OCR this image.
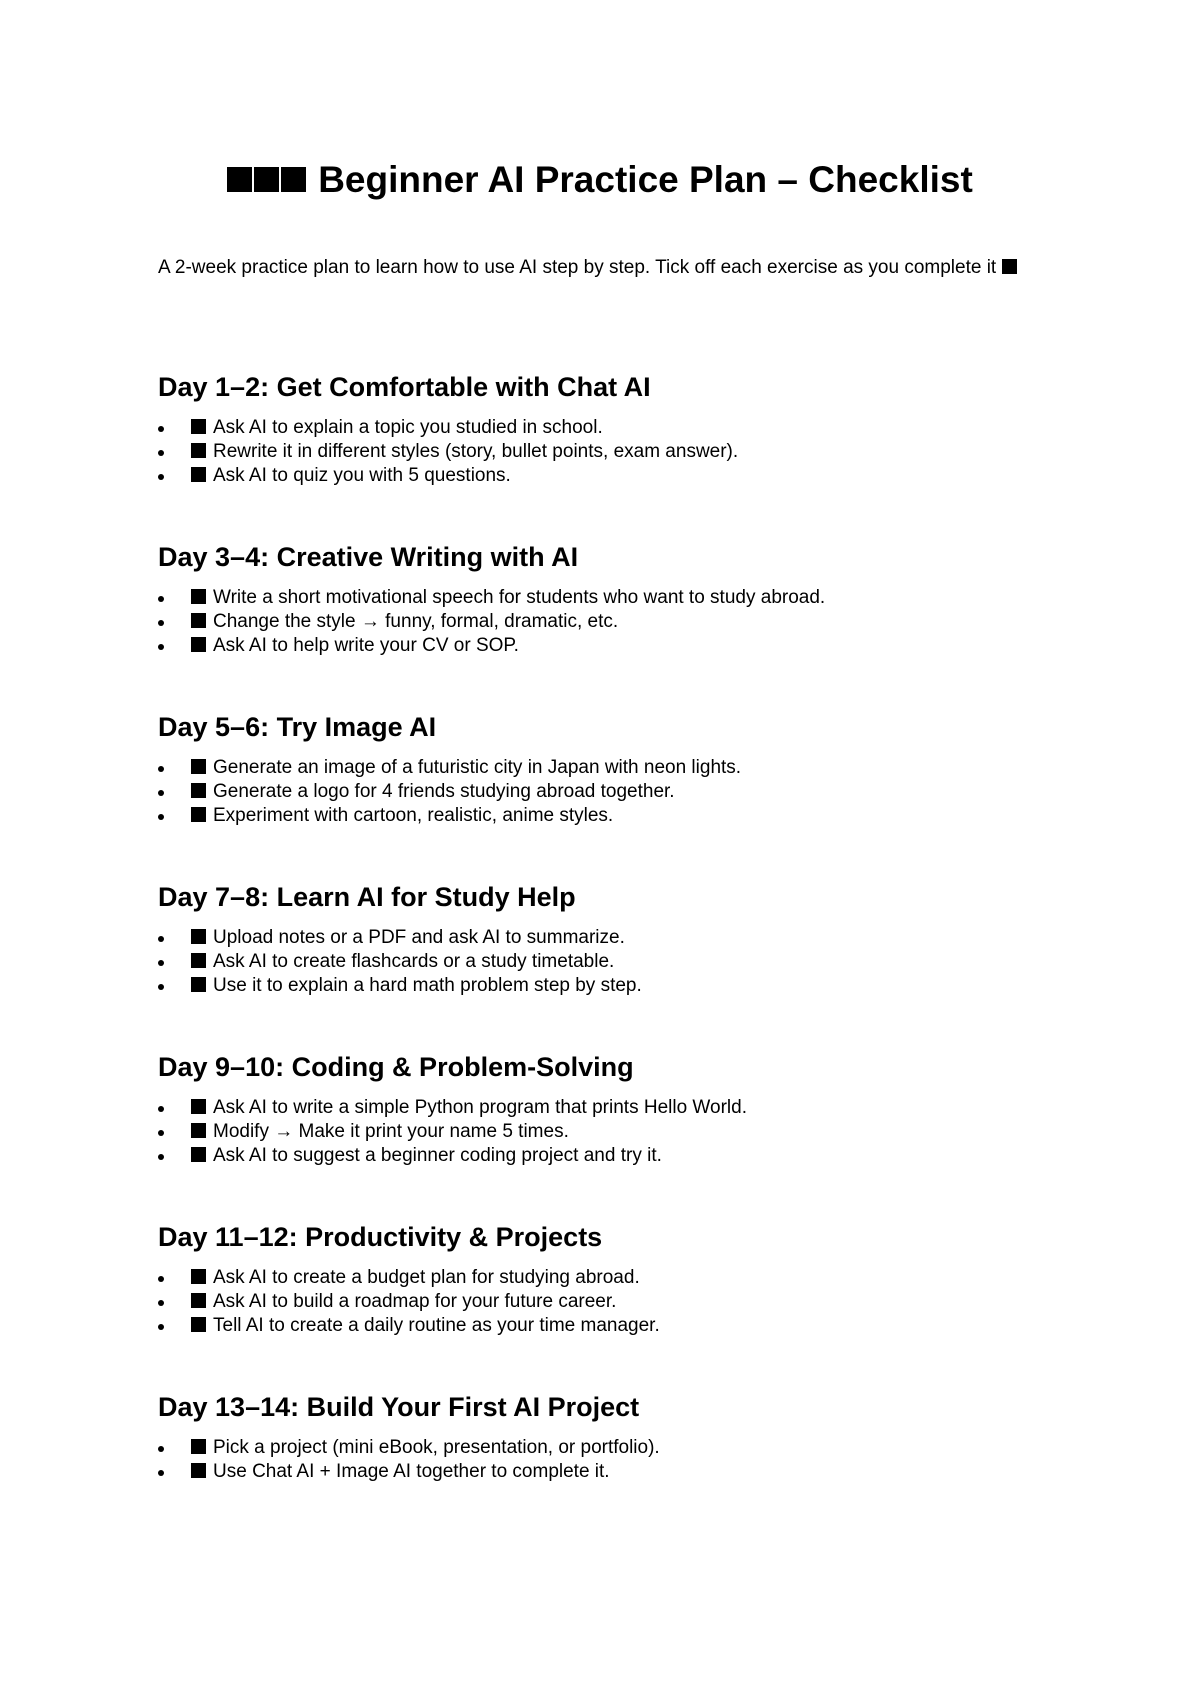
Beginner AI Practice Plan – Checklist

A 2-week practice plan to learn how to use AI step by step. Tick off each exercise as you complete it

Day 1–2: Get Comfortable with Chat AI
Ask AI to explain a topic you studied in school.
Rewrite it in different styles (story, bullet points, exam answer).
Ask AI to quiz you with 5 questions.
Day 3–4: Creative Writing with AI
Write a short motivational speech for students who want to study abroad.
Change the style → funny, formal, dramatic, etc.
Ask AI to help write your CV or SOP.
Day 5–6: Try Image AI
Generate an image of a futuristic city in Japan with neon lights.
Generate a logo for 4 friends studying abroad together.
Experiment with cartoon, realistic, anime styles.
Day 7–8: Learn AI for Study Help
Upload notes or a PDF and ask AI to summarize.
Ask AI to create flashcards or a study timetable.
Use it to explain a hard math problem step by step.
Day 9–10: Coding & Problem-Solving
Ask AI to write a simple Python program that prints Hello World.
Modify → Make it print your name 5 times.
Ask AI to suggest a beginner coding project and try it.
Day 11–12: Productivity & Projects
Ask AI to create a budget plan for studying abroad.
Ask AI to build a roadmap for your future career.
Tell AI to create a daily routine as your time manager.
Day 13–14: Build Your First AI Project
Pick a project (mini eBook, presentation, or portfolio).
Use Chat AI + Image AI together to complete it.
